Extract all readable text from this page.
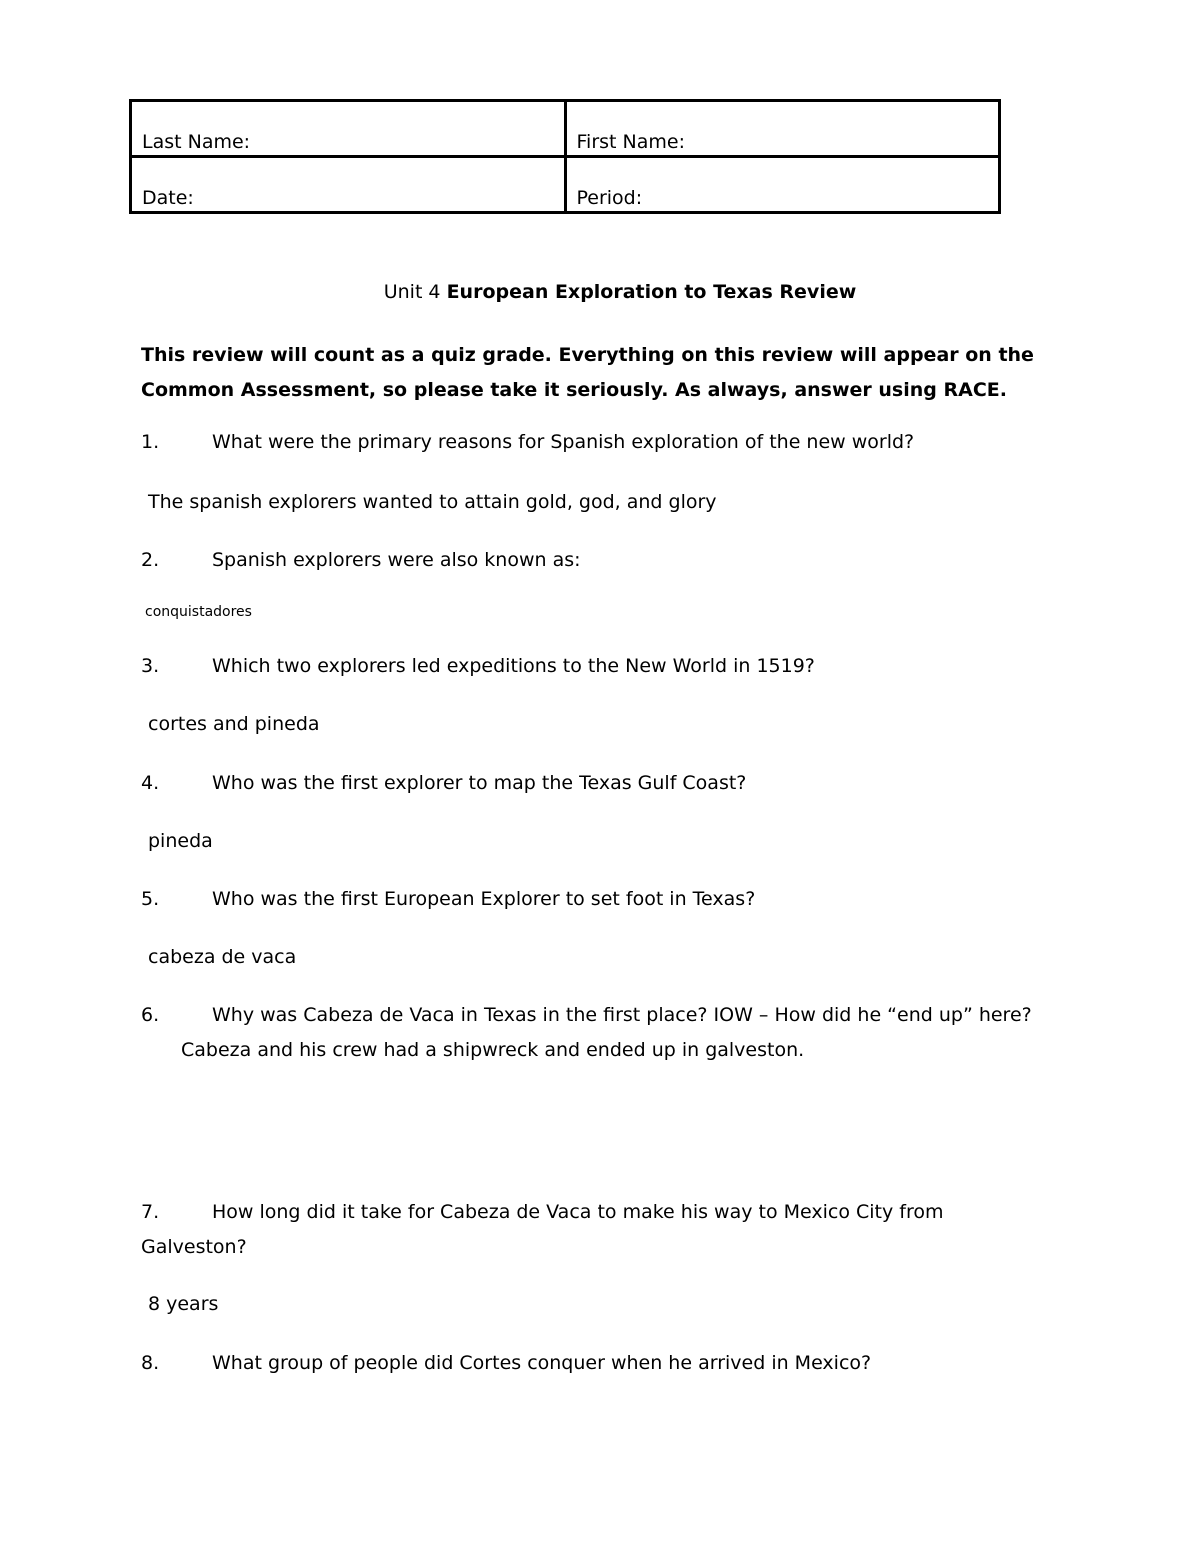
Last Name:	First Name:
Date:	Period:
Unit 4 European Exploration to Texas Review
This review will count as a quiz grade. Everything on this review will appear on the Common Assessment, so please take it seriously. As always, answer using RACE.
1.	What were the primary reasons for Spanish exploration of the new world?
The spanish explorers wanted to attain gold, god, and glory
2.	Spanish explorers were also known as:
conquistadores
3.	Which two explorers led expeditions to the New World in 1519?
cortes and pineda
4.	Who was the first explorer to map the Texas Gulf Coast?
pineda
5.	Who was the first European Explorer to set foot in Texas?
cabeza de vaca
6.	Why was Cabeza de Vaca in Texas in the first place? IOW – How did he “end up” here?Cabeza and his crew had a shipwreck and ended up in galveston.
7.	How long did it take for Cabeza de Vaca to make his way to Mexico City from Galveston?
8 years
8.	What group of people did Cortes conquer when he arrived in Mexico?
